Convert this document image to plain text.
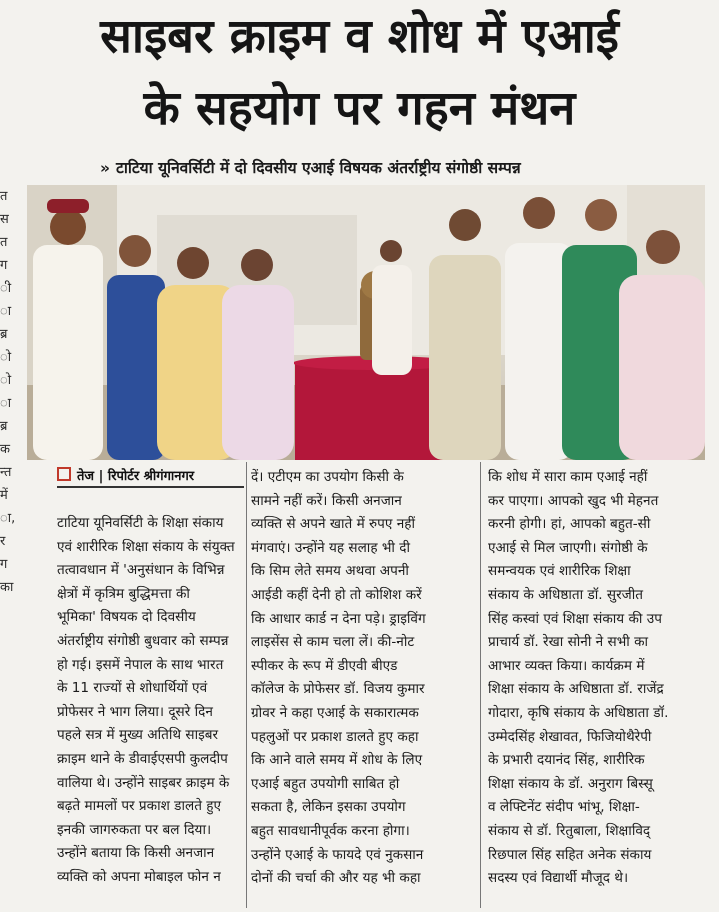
साइबर क्राइम व शोध में एआई
के सहयोग पर गहन मंथन
» टाटिया यूनिवर्सिटी में दो दिवसीय एआई विषयक अंतर्राष्ट्रीय संगोष्ठी सम्पन्न
त
स
त
ग
ी
ा
ब्र
ो
ो
ा
ब्र
क
न्त
में
ा,
र
ग
का
तेज | रिपोर्टर श्रीगंगानगर
टाटिया यूनिवर्सिटी के शिक्षा संकाय
एवं शारीरिक शिक्षा संकाय के संयुक्त
तत्वावधान में 'अनुसंधान के विभिन्न
क्षेत्रों में कृत्रिम बुद्धिमत्ता की
भूमिका' विषयक दो दिवसीय
अंतर्राष्ट्रीय संगोष्ठी बुधवार को सम्पन्न
हो गई। इसमें नेपाल के साथ भारत
के 11 राज्यों से शोधार्थियों एवं
प्रोफेसर ने भाग लिया। दूसरे दिन
पहले सत्र में मुख्य अतिथि साइबर
क्राइम थाने के डीवाईएसपी कुलदीप
वालिया थे। उन्होंने साइबर क्राइम के
बढ़ते मामलों पर प्रकाश डालते हुए
इनकी जागरुकता पर बल दिया।
उन्होंने बताया कि किसी अनजान
व्यक्ति को अपना मोबाइल फोन न
दें। एटीएम का उपयोग किसी के
सामने नहीं करें। किसी अनजान
व्यक्ति से अपने खाते में रुपए नहीं
मंगवाएं। उन्होंने यह सलाह भी दी
कि सिम लेते समय अथवा अपनी
आईडी कहीं देनी हो तो कोशिश करें
कि आधार कार्ड न देना पड़े। ड्राइविंग
लाइसेंस से काम चला लें। की-नोट
स्पीकर के रूप में डीएवी बीएड
कॉलेज के प्रोफेसर डॉ. विजय कुमार
ग्रोवर ने कहा एआई के सकारात्मक
पहलुओं पर प्रकाश डालते हुए कहा
कि आने वाले समय में शोध के लिए
एआई बहुत उपयोगी साबित हो
सकता है, लेकिन इसका उपयोग
बहुत सावधानीपूर्वक करना होगा।
उन्होंने एआई के फायदे एवं नुकसान
दोनों की चर्चा की और यह भी कहा
कि शोध में सारा काम एआई नहीं
कर पाएगा। आपको खुद भी मेहनत
करनी होगी। हां, आपको बहुत-सी
एआई से मिल जाएगी। संगोष्ठी के
समन्वयक एवं शारीरिक शिक्षा
संकाय के अधिष्ठाता डॉ. सुरजीत
सिंह कस्वां एवं शिक्षा संकाय की उप
प्राचार्य डॉ. रेखा सोनी ने सभी का
आभार व्यक्त किया। कार्यक्रम में
शिक्षा संकाय के अधिष्ठाता डॉ. राजेंद्र
गोदारा, कृषि संकाय के अधिष्ठाता डॉ.
उम्मेदसिंह शेखावत, फिजियोथैरेपी
के प्रभारी दयानंद सिंह, शारीरिक
शिक्षा संकाय के डॉ. अनुराग बिस्सू
व लेफ्टिनेंट संदीप भांभू, शिक्षा-
संकाय से डॉ. रितुबाला, शिक्षाविद्
रिछपाल सिंह सहित अनेक संकाय
सदस्य एवं विद्यार्थी मौजूद थे।
